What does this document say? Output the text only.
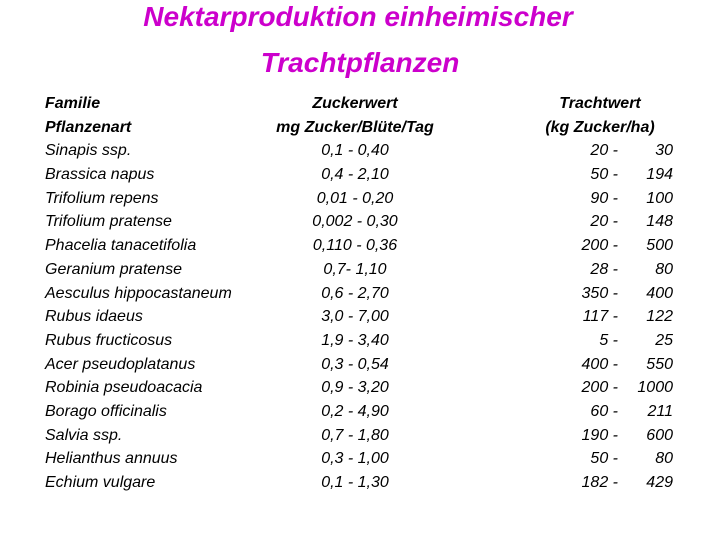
Nektarproduktion einheimischer
Trachtpflanzen
Familie	Zuckerwert	Trachtwert
Pflanzenart	mg Zucker/Blüte/Tag	(kg Zucker/ha)
Sinapis ssp.	0,1 - 0,40	20 - 30
Brassica napus	0,4 - 2,10	50 - 194
Trifolium repens	0,01 - 0,20	90 - 100
Trifolium pratense	0,002 - 0,30	20 - 148
Phacelia tanacetifolia	0,110 - 0,36	200 - 500
Geranium pratense	0,7- 1,10	28 - 80
Aesculus hippocastaneum	0,6 - 2,70	350 - 400
Rubus idaeus	3,0 - 7,00	117 - 122
Rubus fructicosus	1,9 - 3,40	5 - 25
Acer pseudoplatanus	0,3 - 0,54	400 - 550
Robinia pseudoacacia	0,9 - 3,20	200 - 1000
Borago officinalis	0,2 - 4,90	60 - 211
Salvia ssp.	0,7 - 1,80	190 - 600
Helianthus annuus	0,3 - 1,00	50 - 80
Echium vulgare	0,1 - 1,30	182 - 429
